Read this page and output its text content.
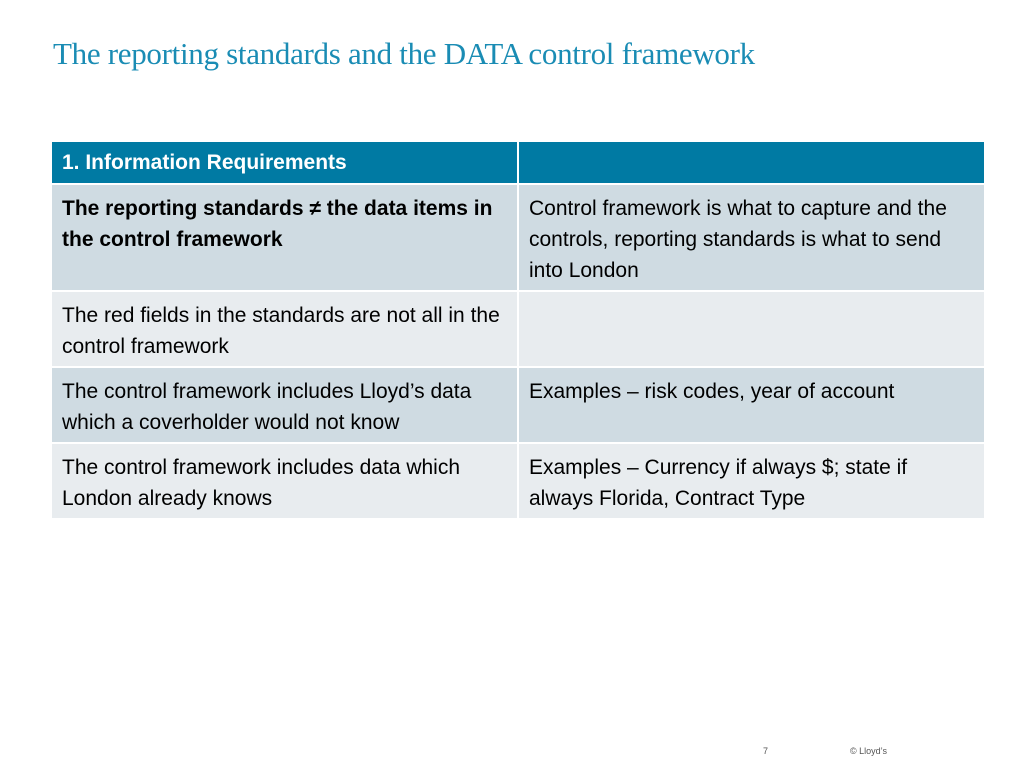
The reporting standards and the DATA control framework
1. Information Requirements	
The reporting standards ≠ the data items in the control framework	Control framework is what to capture and the controls, reporting standards is what to send into London
The red fields in the standards are not all in the control framework	
The control framework includes Lloyd’s data which a coverholder would not know	Examples – risk codes, year of account
The control framework includes data which London already knows	Examples – Currency if always $; state if always Florida, Contract Type
7	© Lloyd’s
